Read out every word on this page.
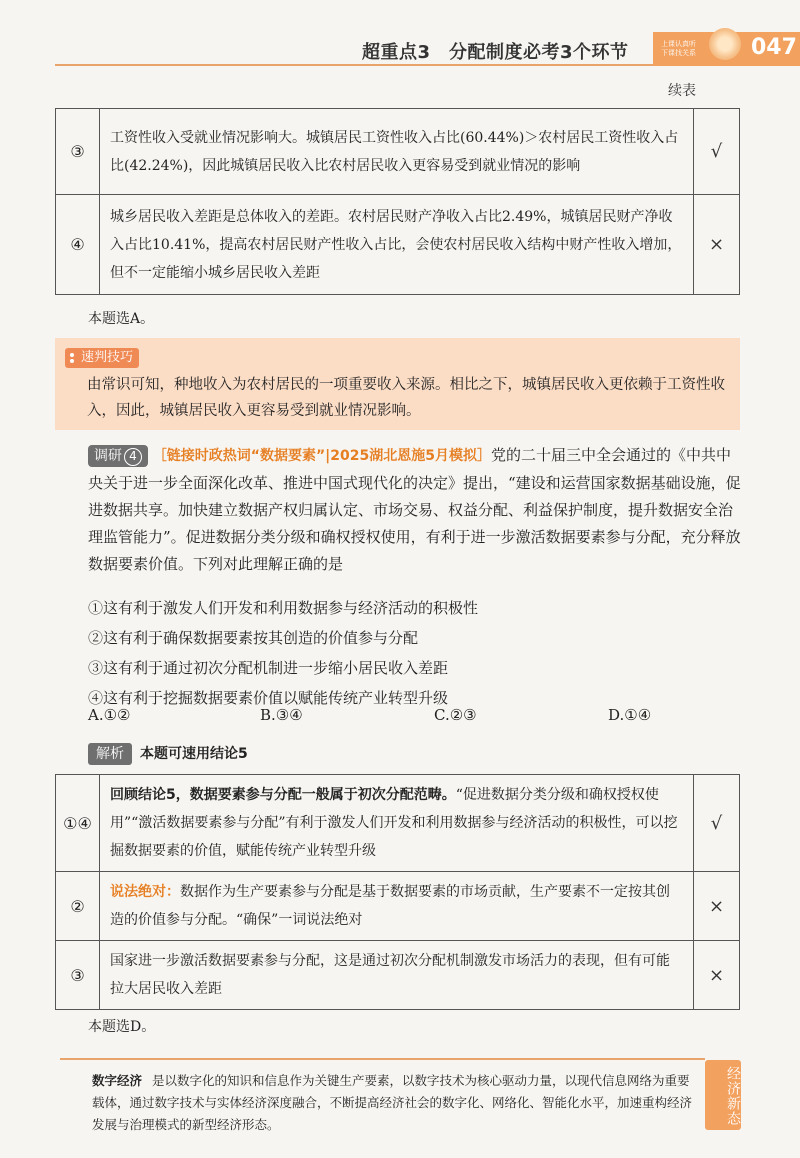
超重点3　分配制度必考3个环节	上课认真听
下课找关系	047
续表
③	工资性收入受就业情况影响大。城镇居民工资性收入占比(60.44%)＞农村居民工资性收入占比(42.24%)，因此城镇居民收入比农村居民收入更容易受到就业情况的影响	√
④	城乡居民收入差距是总体收入的差距。农村居民财产净收入占比2.49%，城镇居民财产净收入占比10.41%，提高农村居民财产性收入占比，会使农村居民收入结构中财产性收入增加，但不一定能缩小城乡居民收入差距	×
本题选A。
速判技巧
由常识可知，种地收入为农村居民的一项重要收入来源。相比之下，城镇居民收入更依赖于工资性收入，因此，城镇居民收入更容易受到就业情况影响。
调研 4 ［链接时政热词“数据要素”|2025湖北恩施5月模拟］党的二十届三中全会通过的《中共中央关于进一步全面深化改革、推进中国式现代化的决定》提出，“建设和运营国家数据基础设施，促进数据共享。加快建立数据产权归属认定、市场交易、权益分配、利益保护制度，提升数据安全治理监管能力”。促进数据分类分级和确权授权使用，有利于进一步激活数据要素参与分配，充分释放数据要素价值。下列对此理解正确的是
①这有利于激发人们开发和利用数据参与经济活动的积极性
②这有利于确保数据要素按其创造的价值参与分配
③这有利于通过初次分配机制进一步缩小居民收入差距
④这有利于挖掘数据要素价值以赋能传统产业转型升级
A.①②	B.③④	C.②③	D.①④
解析 本题可速用结论5
①④	回顾结论5，数据要素参与分配一般属于初次分配范畴。“促进数据分类分级和确权授权使用”“激活数据要素参与分配”有利于激发人们开发和利用数据参与经济活动的积极性，可以挖掘数据要素的价值，赋能传统产业转型升级	√
②	说法绝对：数据作为生产要素参与分配是基于数据要素的市场贡献，生产要素不一定按其创造的价值参与分配。“确保”一词说法绝对	×
③	国家进一步激活数据要素参与分配，这是通过初次分配机制激发市场活力的表现，但有可能拉大居民收入差距	×
本题选D。
数字经济 是以数字化的知识和信息作为关键生产要素，以数字技术为核心驱动力量，以现代信息网络为重要载体，通过数字技术与实体经济深度融合，不断提高经济社会的数字化、网络化、智能化水平，加速重构经济发展与治理模式的新型经济形态。	经济新态
